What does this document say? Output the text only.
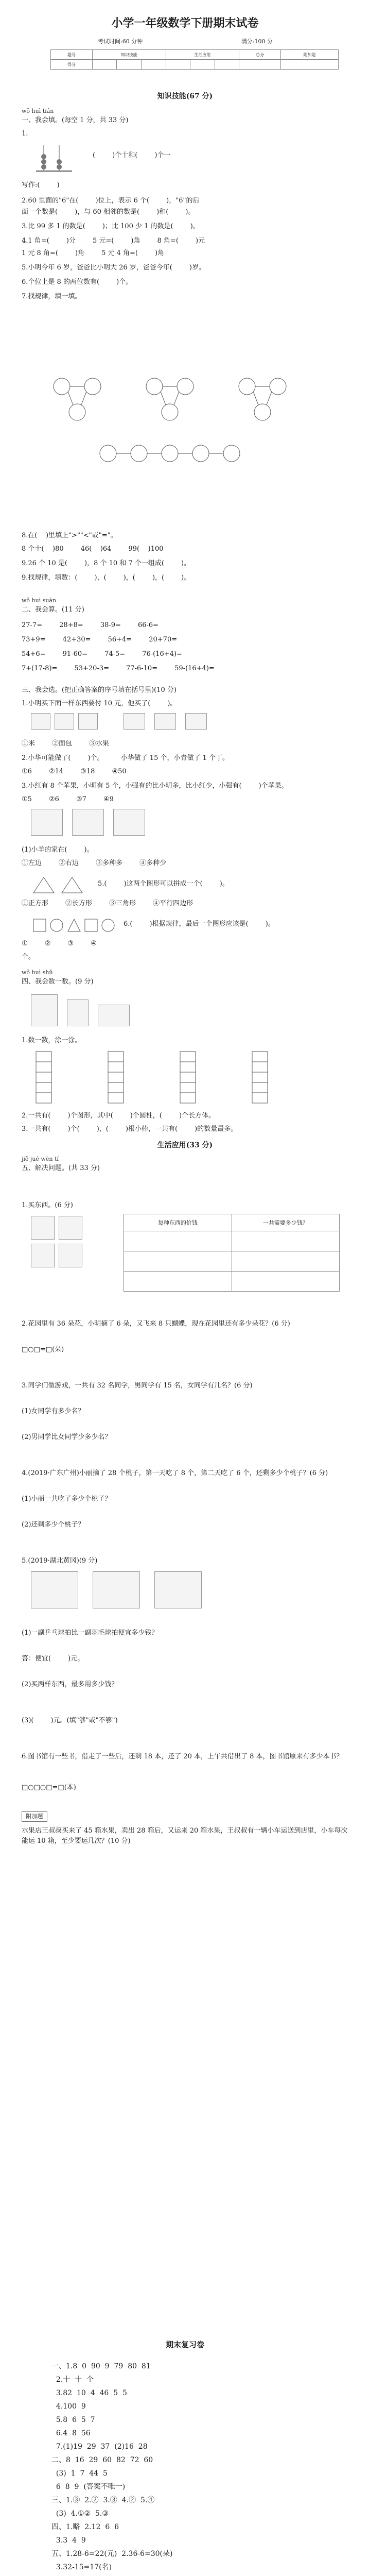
小学一年级数学下册期末试卷
考试时间:60 分钟	满分:100 分
题号	知识技能			生活应用			总分	附加题
得分								
知识技能(67 分)
wǒ huì tián
一、我会填。(每空 1 分，共 33 分)
1.
(        )个十和(        )个一
写作:(        )
2.60 里面的"6"在(        )位上，表示 6 个(        )，"6"的后
面一个数是(        )，与 60 相邻的数是(        )和(        )。
3.比 99 多 1 的数是(        )；比 100 少 1 的数是(        )。
4.1 角=(        )分        5 元=(        )角        8 角=(        )元
1 元 8 角=(        )角        5 元 4 角=(        )角
5.小明今年 6 岁，爸爸比小明大 26 岁，爸爸今年(        )岁。
6.个位上是 8 的两位数有(        )个。
7.找规律，填一填。
8.在(    )里填上">""<"或"="。
8 个十(    )80        46(    )64        99(    )100
9.26 个 10 是(        )，8 个 10 和 7 个一组成(        )。
9.找规律，填数：(        )，(        )，(        )，(        )。
wǒ huì suàn
二、我会算。(11 分)
27-7=        28+8=        38-9=        66-6=
73+9=        42+30=        56+4=        20+70=
54+6=        91-60=        74-5=        76-(16+4)=
7+(17-8)=        53+20-3=        77-6-10=        59-(16+4)=
三、我会选。(把正确答案的序号填在括号里)(10 分)
1.小明买下面一样东西要付 10 元，他买了(        )。
①米        ②面包        ③水果
2.小华可能做了(        )个。        小华做了 15 个，小青做了 1 个丁。
①6        ②14        ③18        ④50
3.小红有 8 个苹果，小明有 5 个，小强有的比小明多，比小红少，小强有(        )个苹果。
①5        ②6        ③7        ④9
(1)小羊的家在(        )。
①左边        ②右边        ③多种多        ④多种少
5.(        )这两个图形可以拼成一个(        )。
①正方形        ②长方形        ③三角形        ④平行四边形
6.(        )根据规律，最后一个图形应该是(        )。
①        ②        ③        ④
个。
wǒ huì shǔ
四、我会数一数。(9 分)
1.数一数，涂一涂。
2.一共有(        )个图形，其中(        )个圆柱，(        )个长方体。
3.一共有(        )个(        )，(        )根小棒，一共有(        )的数量最多。
生活应用(33 分)
jiě jué wèn tí
五、解决问题。(共 33 分)
1.买东西。(6 分)
每种东西的价钱	一共需要多少钱？

2.花园里有 36 朵花，小明摘了 6 朵，又飞来 8 只蝴蝶，现在花园里还有多少朵花？(6 分)
□○□=□(朵)
3.同学们做游戏，一共有 32 名同学，男同学有 15 名，女同学有几名？(6 分)
(1)女同学有多少名？
(2)男同学比女同学少多少名？
4.(2019·广东广州)小丽摘了 28 个桃子，第一天吃了 8 个，第二天吃了 6 个，还剩多少个桃子？(6 分)
(1)小丽一共吃了多少个桃子？
(2)还剩多少个桃子？
5.(2019·湖北黄冈)(9 分)
(1)一副乒乓球拍比一副羽毛球拍便宜多少钱？
答：便宜(        )元。
(2)买两样东西，最多用多少钱？
(3)(        )元。(填"够"或"不够")
6.图书馆有一些书，借走了一些后，还剩 18 本，还了 20 本，上午共借出了 8 本，图书馆原来有多少本书？
□○□○□=□(本)
附加题
水果店王叔叔买来了 45 箱水果，卖出 28 箱后，又运来 20 箱水果，王叔叔有一辆小车运送到店里，小车每次能运 10 箱，至少要运几次？(10 分)
期末复习卷
一、1.8  0  90  9  79  80  81
2.十  十  个
3.82  10  4  46  5  5
4.100  9
5.8  6  5  7
6.4  8  56
7.(1)19  29  37  (2)16  28
二、8  16  29  60  82  72  60
(3)  1  7  44  5
6  8  9  (答案不唯一)
三、1.③  2.②  3.③  4.②  5.④
(3)  4.①②  5.③
四、1.略  2.12  6  6
3.3  4  9
五、1.28-6=22(元)  2.36-6=30(朵)
3.32-15=17(名)
